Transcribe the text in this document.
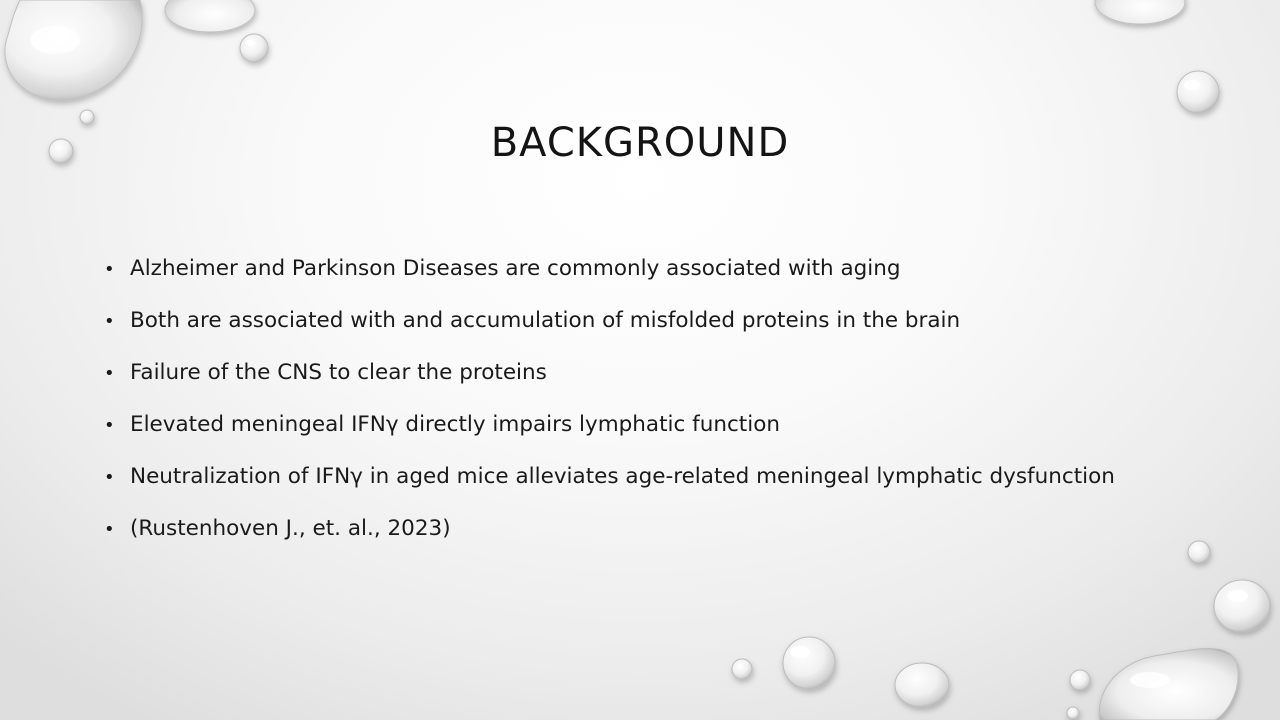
BACKGROUND
• Alzheimer and Parkinson Diseases are commonly associated with aging
• Both are associated with and accumulation of misfolded proteins in the brain
• Failure of the CNS to clear the proteins
• Elevated meningeal IFNγ directly impairs lymphatic function
• Neutralization of IFNγ in aged mice alleviates age-related meningeal lymphatic dysfunction
• (Rustenhoven J., et. al., 2023)
